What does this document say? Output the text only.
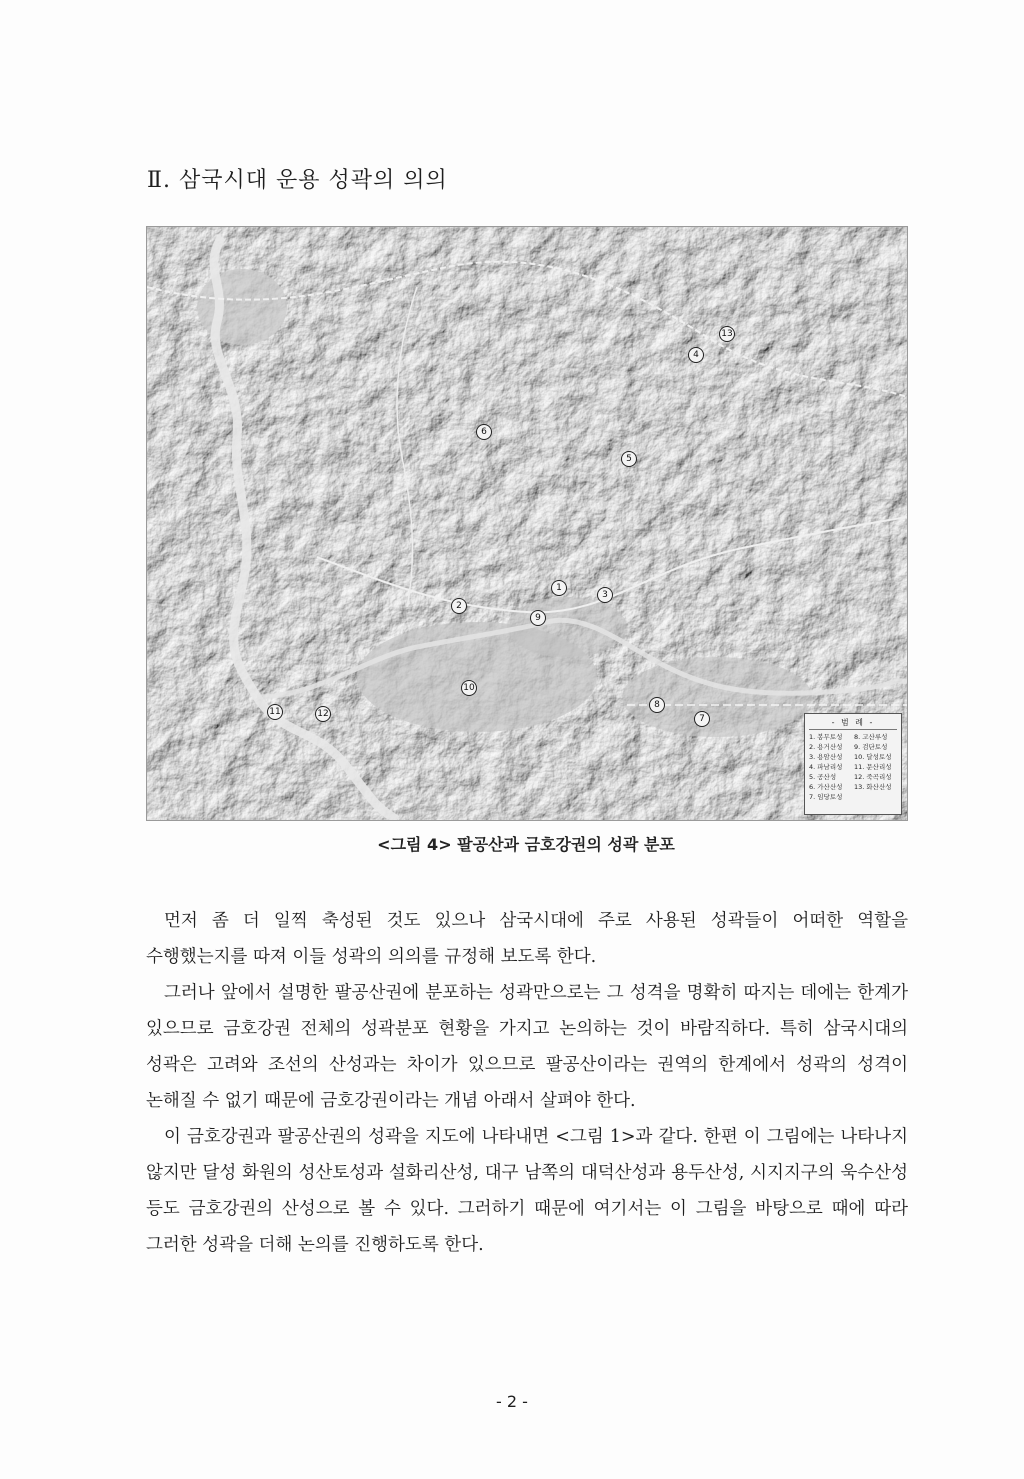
Ⅱ. 삼국시대 운용 성곽의 의의
1
2
3
4
5
6
7
8
9
10
11	12
13
- 범 례 -
1. 봉무토성	8. 고산루성
2. 용거산성	9. 검단토성
3. 용암산성	10. 달성토성
4. 파남리성	11. 문산리성
5. 공산성	12. 죽곡리성
6. 가산산성	13. 화산산성
7. 임당토성

<그림 4> 팔공산과 금호강권의 성곽 분포

먼저 좀 더 일찍 축성된 것도 있으나 삼국시대에 주로 사용된 성곽들이 어떠한 역할을 수행했는지를 따져 이들 성곽의 의의를 규정해 보도록 한다.

그러나 앞에서 설명한 팔공산권에 분포하는 성곽만으로는 그 성격을 명확히 따지는 데에는 한계가 있으므로 금호강권 전체의 성곽분포 현황을 가지고 논의하는 것이 바람직하다. 특히 삼국시대의 성곽은 고려와 조선의 산성과는 차이가 있으므로 팔공산이라는 권역의 한계에서 성곽의 성격이 논해질 수 없기 때문에 금호강권이라는 개념 아래서 살펴야 한다.

이 금호강권과 팔공산권의 성곽을 지도에 나타내면 <그림 1>과 같다. 한편 이 그림에는 나타나지 않지만 달성 화원의 성산토성과 설화리산성, 대구 남쪽의 대덕산성과 용두산성, 시지지구의 욱수산성 등도 금호강권의 산성으로 볼 수 있다. 그러하기 때문에 여기서는 이 그림을 바탕으로 때에 따라 그러한 성곽을 더해 논의를 진행하도록 한다.

- 2 -
